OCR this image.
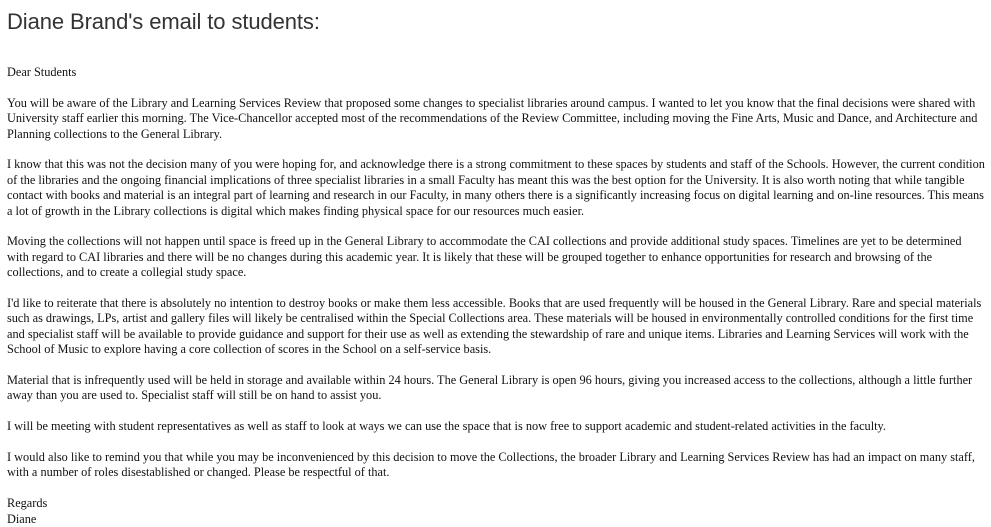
Diane Brand's email to students:

Dear Students

You will be aware of the Library and Learning Services Review that proposed some changes to specialist libraries around campus. I wanted to let you know that the final decisions were shared with University staff earlier this morning. The Vice-Chancellor accepted most of the recommendations of the Review Committee, including moving the Fine Arts, Music and Dance, and Architecture and Planning collections to the General Library.

I know that this was not the decision many of you were hoping for, and acknowledge there is a strong commitment to these spaces by students and staff of the Schools. However, the current condition of the libraries and the ongoing financial implications of three specialist libraries in a small Faculty has meant this was the best option for the University. It is also worth noting that while tangible contact with books and material is an integral part of learning and research in our Faculty, in many others there is a significantly increasing focus on digital learning and on-line resources. This means a lot of growth in the Library collections is digital which makes finding physical space for our resources much easier.

Moving the collections will not happen until space is freed up in the General Library to accommodate the CAI collections and provide additional study spaces. Timelines are yet to be determined with regard to CAI libraries and there will be no changes during this academic year. It is likely that these will be grouped together to enhance opportunities for research and browsing of the collections, and to create a collegial study space.

I'd like to reiterate that there is absolutely no intention to destroy books or make them less accessible. Books that are used frequently will be housed in the General Library. Rare and special materials such as drawings, LPs, artist and gallery files will likely be centralised within the Special Collections area. These materials will be housed in environmentally controlled conditions for the first time and specialist staff will be available to provide guidance and support for their use as well as extending the stewardship of rare and unique items. Libraries and Learning Services will work with the School of Music to explore having a core collection of scores in the School on a self-service basis.

Material that is infrequently used will be held in storage and available within 24 hours. The General Library is open 96 hours, giving you increased access to the collections, although a little further away than you are used to. Specialist staff will still be on hand to assist you.

I will be meeting with student representatives as well as staff to look at ways we can use the space that is now free to support academic and student-related activities in the faculty.

I would also like to remind you that while you may be inconvenienced by this decision to move the Collections, the broader Library and Learning Services Review has had an impact on many staff, with a number of roles disestablished or changed. Please be respectful of that.

Regards

Diane
